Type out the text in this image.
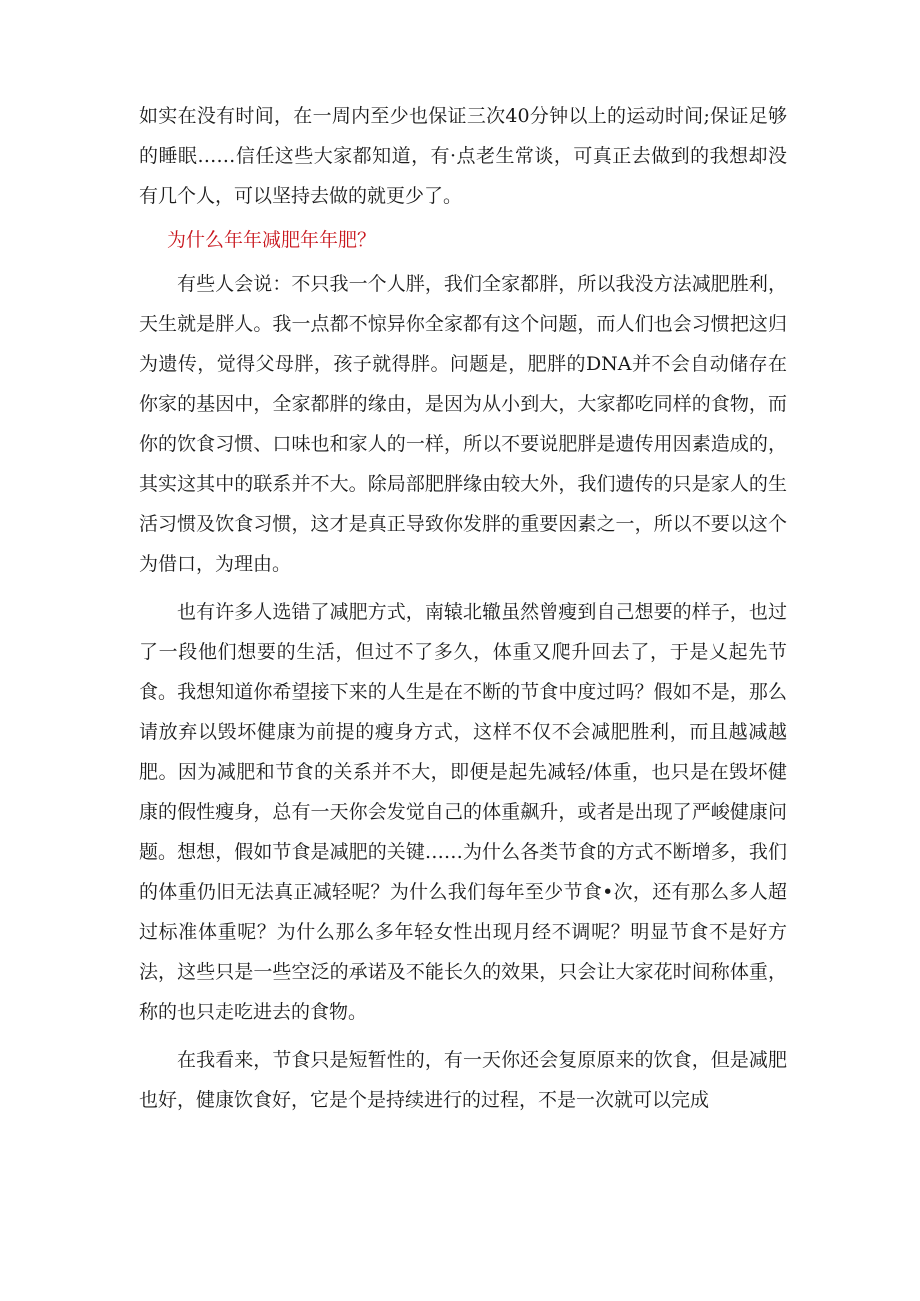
如实在没有时间，在一周内至少也保证三次40分钟以上的运动时间;保证足够的睡眠……信任这些大家都知道，有·点老生常谈，可真正去做到的我想却没有几个人，可以坚持去做的就更少了。

为什么年年减肥年年肥？

有些人会说：不只我一个人胖，我们全家都胖，所以我没方法减肥胜利，天生就是胖人。我一点都不惊异你全家都有这个问题，而人们也会习惯把这归为遗传，觉得父母胖，孩子就得胖。问题是，肥胖的DNA并不会自动储存在你家的基因中，全家都胖的缘由，是因为从小到大，大家都吃同样的食物，而你的饮食习惯、口味也和家人的一样，所以不要说肥胖是遗传用因素造成的，其实这其中的联系并不大。除局部肥胖缘由较大外，我们遗传的只是家人的生活习惯及饮食习惯，这才是真正导致你发胖的重要因素之一，所以不要以这个为借口，为理由。

也有许多人选错了减肥方式，南辕北辙虽然曾瘦到自己想要的样子，也过了一段他们想要的生活，但过不了多久，体重又爬升回去了，于是乂起先节食。我想知道你希望接下来的人生是在不断的节食中度过吗？假如不是，那么请放弃以毁坏健康为前提的瘦身方式，这样不仅不会减肥胜利，而且越减越肥。因为减肥和节食的关系并不大，即便是起先减轻/体重，也只是在毁坏健康的假性瘦身，总有一天你会发觉自己的体重飙升，或者是出现了严峻健康问题。想想，假如节食是减肥的关键……为什么各类节食的方式不断增多，我们的体重仍旧无法真正减轻呢？为什么我们每年至少节食•次，还有那么多人超过标准体重呢？为什么那么多年轻女性出现月经不调呢？明显节食不是好方法，这些只是一些空泛的承诺及不能长久的效果，只会让大家花时间称体重，称的也只走吃进去的食物。

在我看来，节食只是短暂性的，有一天你还会复原原来的饮食，但是减肥也好，健康饮食好，它是个是持续进行的过程，不是一次就可以完成
